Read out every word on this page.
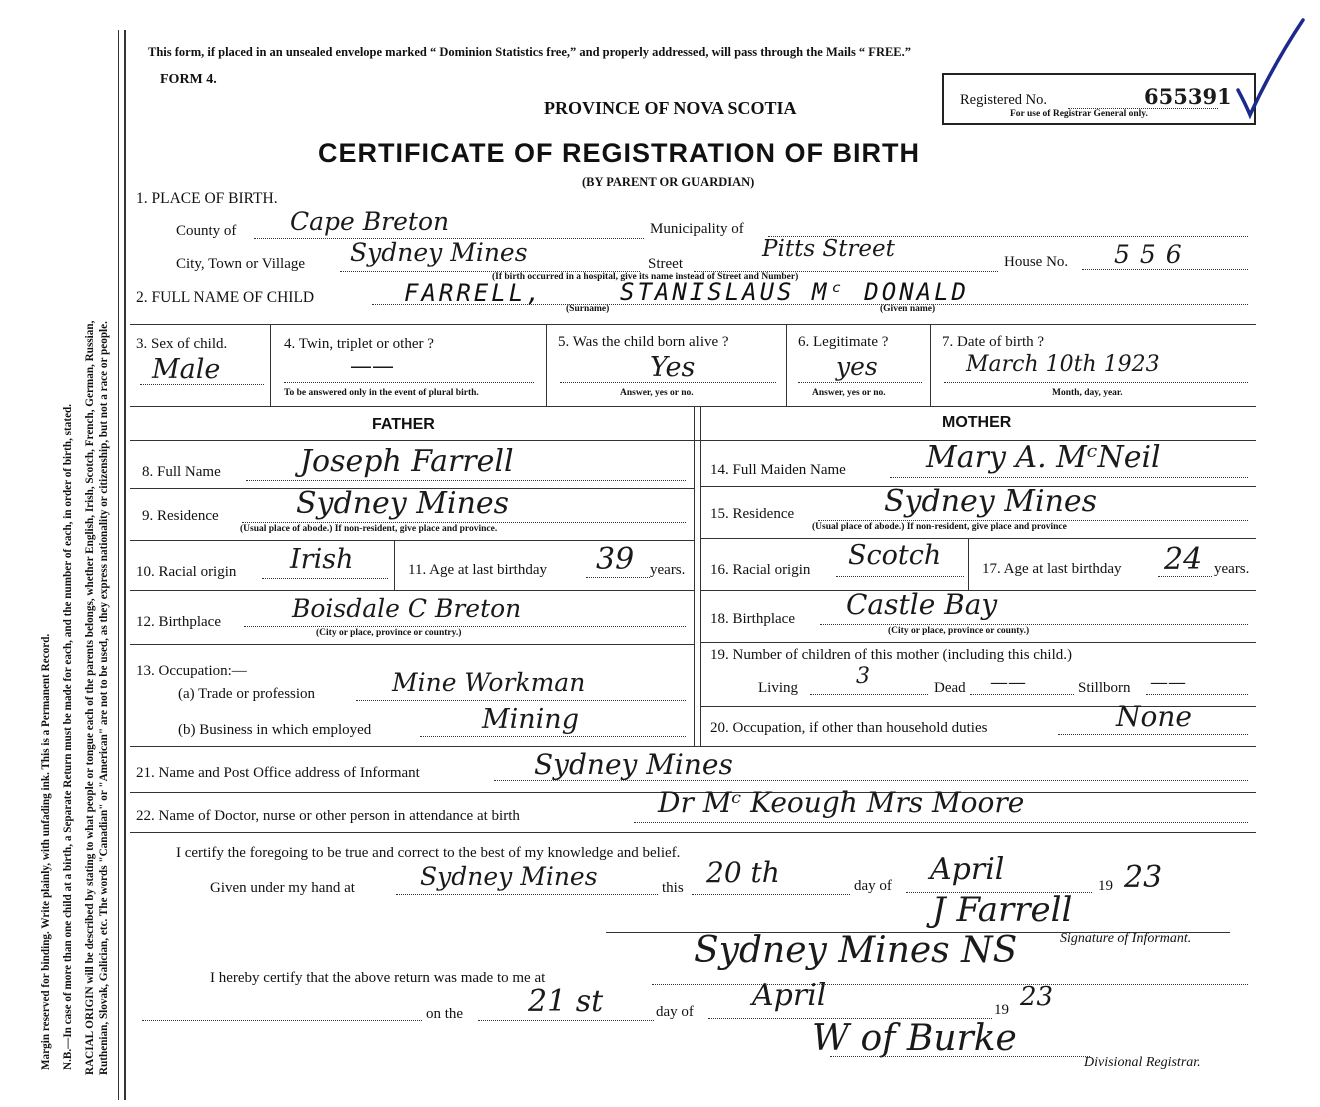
Margin reserved for binding. Write plainly, with unfading ink. This is a Permanent Record. N.B.—In case of more than one child at a birth, a Separate Return must be made for each, and the number of each, in order of birth, stated. RACIAL ORIGIN will be described by stating to what people or tongue each of the parents belongs, whether English, Irish, Scotch, French, German, Russian, Ruthenian, Slovak, Galician, etc. The words "Canadian" or "American" are not to be used, as they express nationality or citizenship, but not a race or people.
This form, if placed in an unsealed envelope marked “ Dominion Statistics free,” and properly addressed, will pass through the Mails “ FREE.”
FORM 4.
PROVINCE OF NOVA SCOTIA	Registered No.	655391
For use of Registrar General only.
CERTIFICATE OF REGISTRATION OF BIRTH
(BY PARENT OR GUARDIAN)
1. PLACE OF BIRTH.
County of Cape Breton	Municipality of
City, Town or Village Sydney Mines	Street
Pitts Street	House No. 556
(If birth occurred in a hospital, give its name instead of Street and Number)
2. FULL NAME OF CHILD	FARRELL,	STANISLAUS Mᶜ DONALD
(Surname)	(Given name)
3. Sex of child.
Male
4. Twin, triplet or other ?
——
To be answered only in the event of plural birth.
5. Was the child born alive ?
Yes
Answer, yes or no.
6. Legitimate ?
yes
Answer, yes or no.
7. Date of birth ?
March 10th 1923
Month, day, year.
FATHER	MOTHER
8. Full Name	Joseph Farrell
9. Residence	Sydney Mines
(Usual place of abode.) If non-resident, give place and province.
10. Racial origin Irish	11. Age at last birthday 39 years.
12. Birthplace	Boisdale C Breton
(City or place, province or country.)
13. Occupation:—
(a) Trade or profession	Mine Workman
(b) Business in which employed	Mining
14. Full Maiden Name	Mary A. MᶜNeil
15. Residence	Sydney Mines
(Usual place of abode.) If non-resident, give place and province
16. Racial origin Scotch	17. Age at last birthday 24 years.
18. Birthplace Castle Bay
(City or place, province or county.)
19. Number of children of this mother (including this child.)
Living	3	Dead ——	Stillborn ——
20. Occupation, if other than household duties	None
21. Name and Post Office address of Informant	Sydney Mines
22. Name of Doctor, nurse or other person in attendance at birth	Dr Mᶜ Keough Mrs Moore
I certify the foregoing to be true and correct to the best of my knowledge and belief.
Given under my hand at	Sydney Mines	this 20 th	day of April	19 23
J Farrell
Signature of Informant.
I hereby certify that the above return was made to me at
Sydney Mines NS
on the 21 st	day of April	19 23
W of Burke
Divisional Registrar.
